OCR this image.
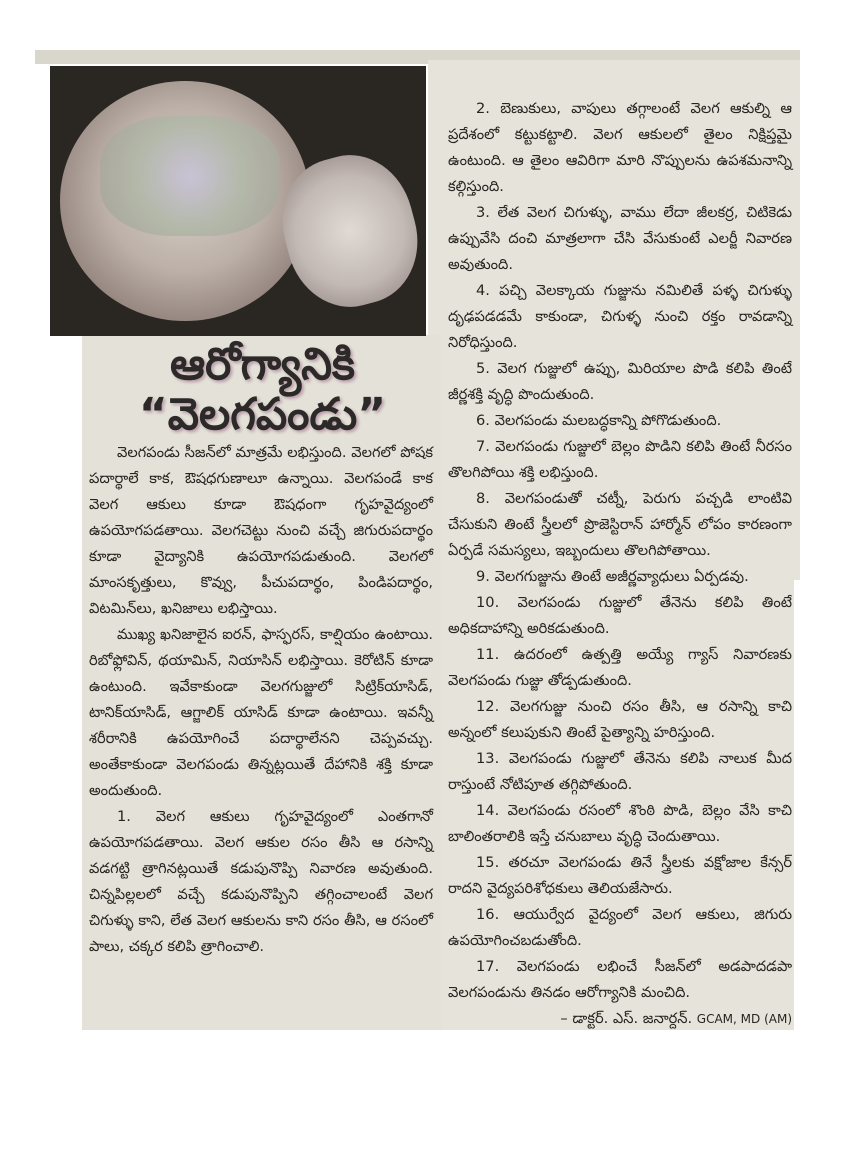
ఆరోగ్యానికి
“వెలగపండు”

వెలగపండు సీజన్‌లో మాత్రమే లభిస్తుంది. వెలగలో పోషక పదార్థాలే కాక, ఔషధగుణాలూ ఉన్నాయి. వెలగపండే కాక వెలగ ఆకులు కూడా ఔషధంగా గృహవైద్యంలో ఉపయోగపడతాయి. వెలగచెట్టు నుంచి వచ్చే జిగురుపదార్థం కూడా వైద్యానికి ఉపయోగపడుతుంది. వెలగలో మాంసకృత్తులు, కొవ్వు, పీచుపదార్థం, పిండిపదార్థం, విటమిన్‌లు, ఖనిజాలు లభిస్తాయి.

ముఖ్య ఖనిజాలైన ఐరన్, ఫాస్ఫరస్, కాల్షియం ఉంటాయి. రిబోఫ్లోవిన్, థయామిన్, నియాసిన్ లభిస్తాయి. కెరోటిన్ కూడా ఉంటుంది. ఇవేకాకుండా వెలగగుజ్జులో సిట్రిక్‌యాసిడ్, టానిక్‌యాసిడ్, ఆగ్జాలిక్ యాసిడ్ కూడా ఉంటాయి. ఇవన్నీ శరీరానికి ఉపయోగించే పదార్థాలేనని చెప్పవచ్చు. అంతేకాకుండా వెలగపండు తిన్నట్లయితే దేహానికి శక్తి కూడా అందుతుంది.

1. వెలగ ఆకులు గృహవైద్యంలో ఎంతగానో ఉపయోగపడతాయి. వెలగ ఆకుల రసం తీసి ఆ రసాన్ని వడగట్టి త్రాగినట్లయితే కడుపునొప్పి నివారణ అవుతుంది. చిన్నపిల్లలలో వచ్చే కడుపునొప్పిని తగ్గించాలంటే వెలగ చిగుళ్ళు కాని, లేత వెలగ ఆకులను కాని రసం తీసి, ఆ రసంలో పాలు, చక్కర కలిపి త్రాగించాలి.

2. బెణుకులు, వాపులు తగ్గాలంటే వెలగ ఆకుల్ని ఆ ప్రదేశంలో కట్టుకట్టాలి. వెలగ ఆకులలో తైలం నిక్షిప్తమై ఉంటుంది. ఆ తైలం ఆవిరిగా మారి నొప్పులను ఉపశమనాన్ని కల్గిస్తుంది.

3. లేత వెలగ చిగుళ్ళు, వాము లేదా జీలకర్ర, చిటికెడు ఉప్పువేసి దంచి మాత్రలాగా చేసి వేసుకుంటే ఎలర్జీ నివారణ అవుతుంది.

4. పచ్చి వెలక్కాయ గుజ్జును నమిలితే పళ్ళ చిగుళ్ళు దృఢపడడమే కాకుండా, చిగుళ్ళ నుంచి రక్తం రావడాన్ని నిరోధిస్తుంది.

5. వెలగ గుజ్జులో ఉప్పు, మిరియాల పొడి కలిపి తింటే జీర్ణశక్తి వృద్ధి పొందుతుంది.

6. వెలగపండు మలబద్ధకాన్ని పోగొడుతుంది.

7. వెలగపండు గుజ్జులో బెల్లం పొడిని కలిపి తింటే నీరసం తొలగిపోయి శక్తి లభిస్తుంది.

8. వెలగపండుతో చట్నీ, పెరుగు పచ్చడి లాంటివి చేసుకుని తింటే స్త్రీలలో ప్రొజెస్టిరాన్ హార్మోన్ లోపం కారణంగా ఏర్పడే సమస్యలు, ఇబ్బందులు తొలగిపోతాయి.

9. వెలగగుజ్జును తింటే అజీర్ణవ్యాధులు ఏర్పడవు.

10. వెలగపండు గుజ్జులో తేనెను కలిపి తింటే అధికదాహాన్ని అరికడుతుంది.

11. ఉదరంలో ఉత్పత్తి అయ్యే గ్యాస్ నివారణకు వెలగపండు గుజ్జు తోడ్పడుతుంది.

12. వెలగగుజ్జు నుంచి రసం తీసి, ఆ రసాన్ని కాచి అన్నంలో కలుపుకుని తింటే పైత్యాన్ని హరిస్తుంది.

13. వెలగపండు గుజ్జులో తేనెను కలిపి నాలుక మీద రాస్తుంటే నోటిపూత తగ్గిపోతుంది.

14. వెలగపండు రసంలో శొంఠి పొడి, బెల్లం వేసి కాచి బాలింతరాలికి ఇస్తే చనుబాలు వృద్ధి చెందుతాయి.

15. తరచూ వెలగపండు తినే స్త్రీలకు వక్షోజాల కేన్సర్ రాదని వైద్యపరిశోధకులు తెలియజేసారు.

16. ఆయుర్వేద వైద్యంలో వెలగ ఆకులు, జిగురు ఉపయోగించబడుతోంది.

17. వెలగపండు లభించే సీజన్‌లో అడపాదడపా వెలగపండును తినడం ఆరోగ్యానికి మంచిది.

– డాక్టర్. ఎస్. జనార్దన్. GCAM, MD (AM)
